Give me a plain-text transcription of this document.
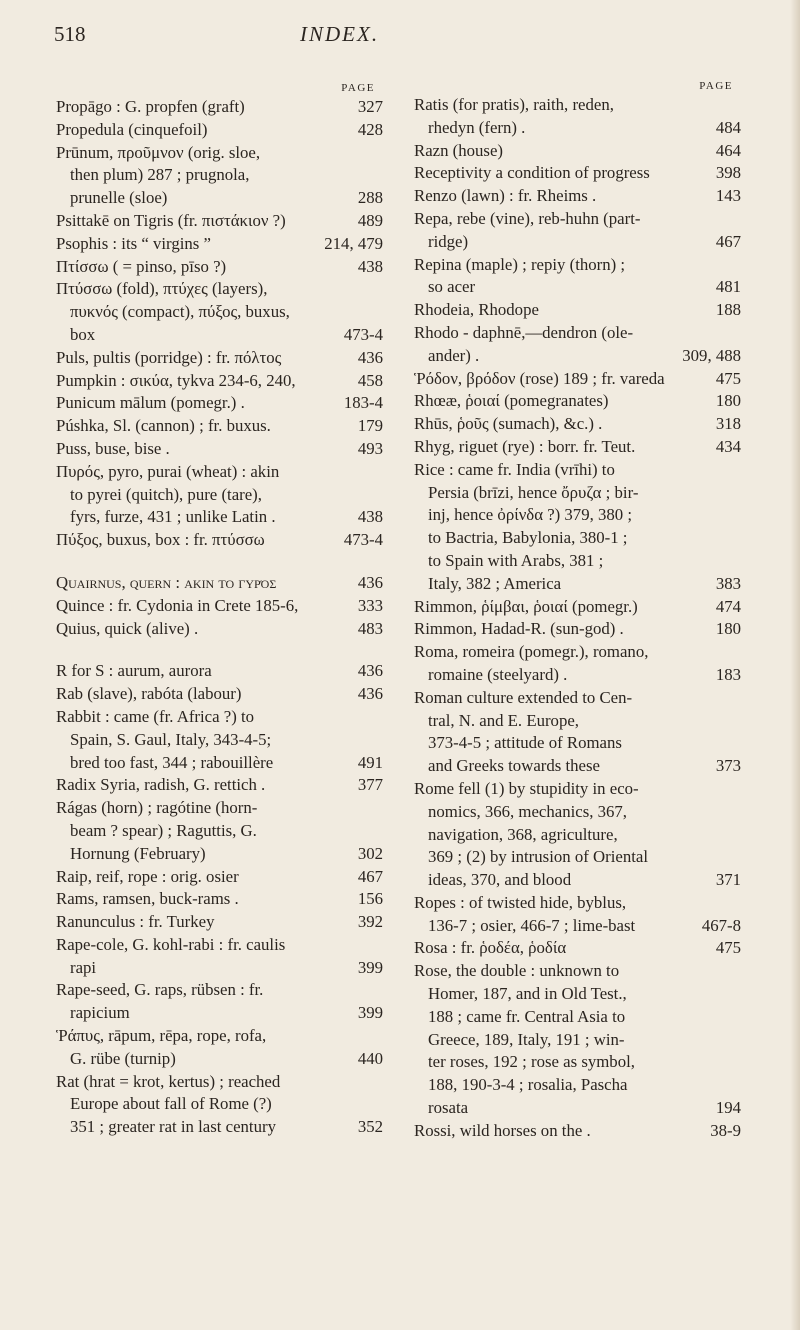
518	INDEX.
PAGE
Propāgo : G. propfen (graft)	327
Propedula (cinquefoil)	428
Prūnum, προῦμνον (orig. sloe,
then plum) 287 ; prugnola,
prunelle (sloe)	288
Psittakē on Tigris (fr. πιστάκιον ?)	489
Psophis : its “ virgins ”	214, 479
Πτίσσω ( = pinso, pīso ?)	438
Πτύσσω (fold), πτύχες (layers),
πυκνός (compact), πύξος, buxus,
box	473-4
Puls, pultis (porridge) : fr. πόλτος	436
Pumpkin : σικύα, tykva 234-6, 240,	458
Punicum mālum (pomegr.) .	183-4
Púshka, Sl. (cannon) ; fr. buxus.	179
Puss, buse, bise .	493
Πυρός, pyro, purai (wheat) : akin
to pyrei (quitch), pure (tare),
fyrs, furze, 431 ; unlike Latin .	438
Πύξος, buxus, box : fr. πτύσσω	473-4
Quairnus, quern : akin to γυρός	436
Quince : fr. Cydonia in Crete 185-6,	333
Quius, quick (alive) .	483
R for S : aurum, aurora	436
Rab (slave), rabóta (labour)	436
Rabbit : came (fr. Africa ?) to
Spain, S. Gaul, Italy, 343-4-5;
bred too fast, 344 ; rabouillère	491
Radix Syria, radish, G. rettich .	377
Rágas (horn) ; ragótine (horn-
beam ? spear) ; Raguttis, G.
Hornung (February)	302
Raip, reif, rope : orig. osier	467
Rams, ramsen, buck-rams .	156
Ranunculus : fr. Turkey	392
Rape-cole, G. kohl-rabi : fr. caulis
rapi	399
Rape-seed, G. raps, rübsen : fr.
rapicium	399
Ῥάπυς, rāpum, rēpa, rope, rofa,
G. rübe (turnip)	440
Rat (hrat = krot, kertus) ; reached
Europe about fall of Rome (?)
351 ; greater rat in last century	352
PAGE
Ratis (for pratis), raith, reden,
rhedyn (fern) .	484
Razn (house)	464
Receptivity a condition of progress	398
Renzo (lawn) : fr. Rheims .	143
Repa, rebe (vine), reb-huhn (part-
ridge)	467
Repina (maple) ; repiy (thorn) ;
so acer	481
Rhodeia, Rhodope	188
Rhodo - daphnē,—dendron (ole-
ander) .	309, 488
Ῥόδον, βρόδον (rose) 189 ; fr. vareda	475
Rhœæ, ῥοιαί (pomegranates)	180
Rhūs, ῥοῦς (sumach), &c.) .	318
Rhyg, riguet (rye) : borr. fr. Teut.	434
Rice : came fr. India (vrīhi) to
Persia (brīzi, hence ὄρυζα ; bir-
inj, hence ὀρίνδα ?) 379, 380 ;
to Bactria, Babylonia, 380-1 ;
to Spain with Arabs, 381 ;
Italy, 382 ; America	383
Rimmon, ῥίμβαι, ῥοιαί (pomegr.)	474
Rimmon, Hadad-R. (sun-god) .	180
Roma, romeira (pomegr.), romano,
romaine (steelyard) .	183
Roman culture extended to Cen-
tral, N. and E. Europe,
373-4-5 ; attitude of Romans
and Greeks towards these	373
Rome fell (1) by stupidity in eco-
nomics, 366, mechanics, 367,
navigation, 368, agriculture,
369 ; (2) by intrusion of Oriental
ideas, 370, and blood	371
Ropes : of twisted hide, byblus,
136-7 ; osier, 466-7 ; lime-bast	467-8
Rosa : fr. ῥοδέα, ῥοδία	475
Rose, the double : unknown to
Homer, 187, and in Old Test.,
188 ; came fr. Central Asia to
Greece, 189, Italy, 191 ; win-
ter roses, 192 ; rose as symbol,
188, 190-3-4 ; rosalia, Pascha
rosata	194
Rossi, wild horses on the .	38-9
